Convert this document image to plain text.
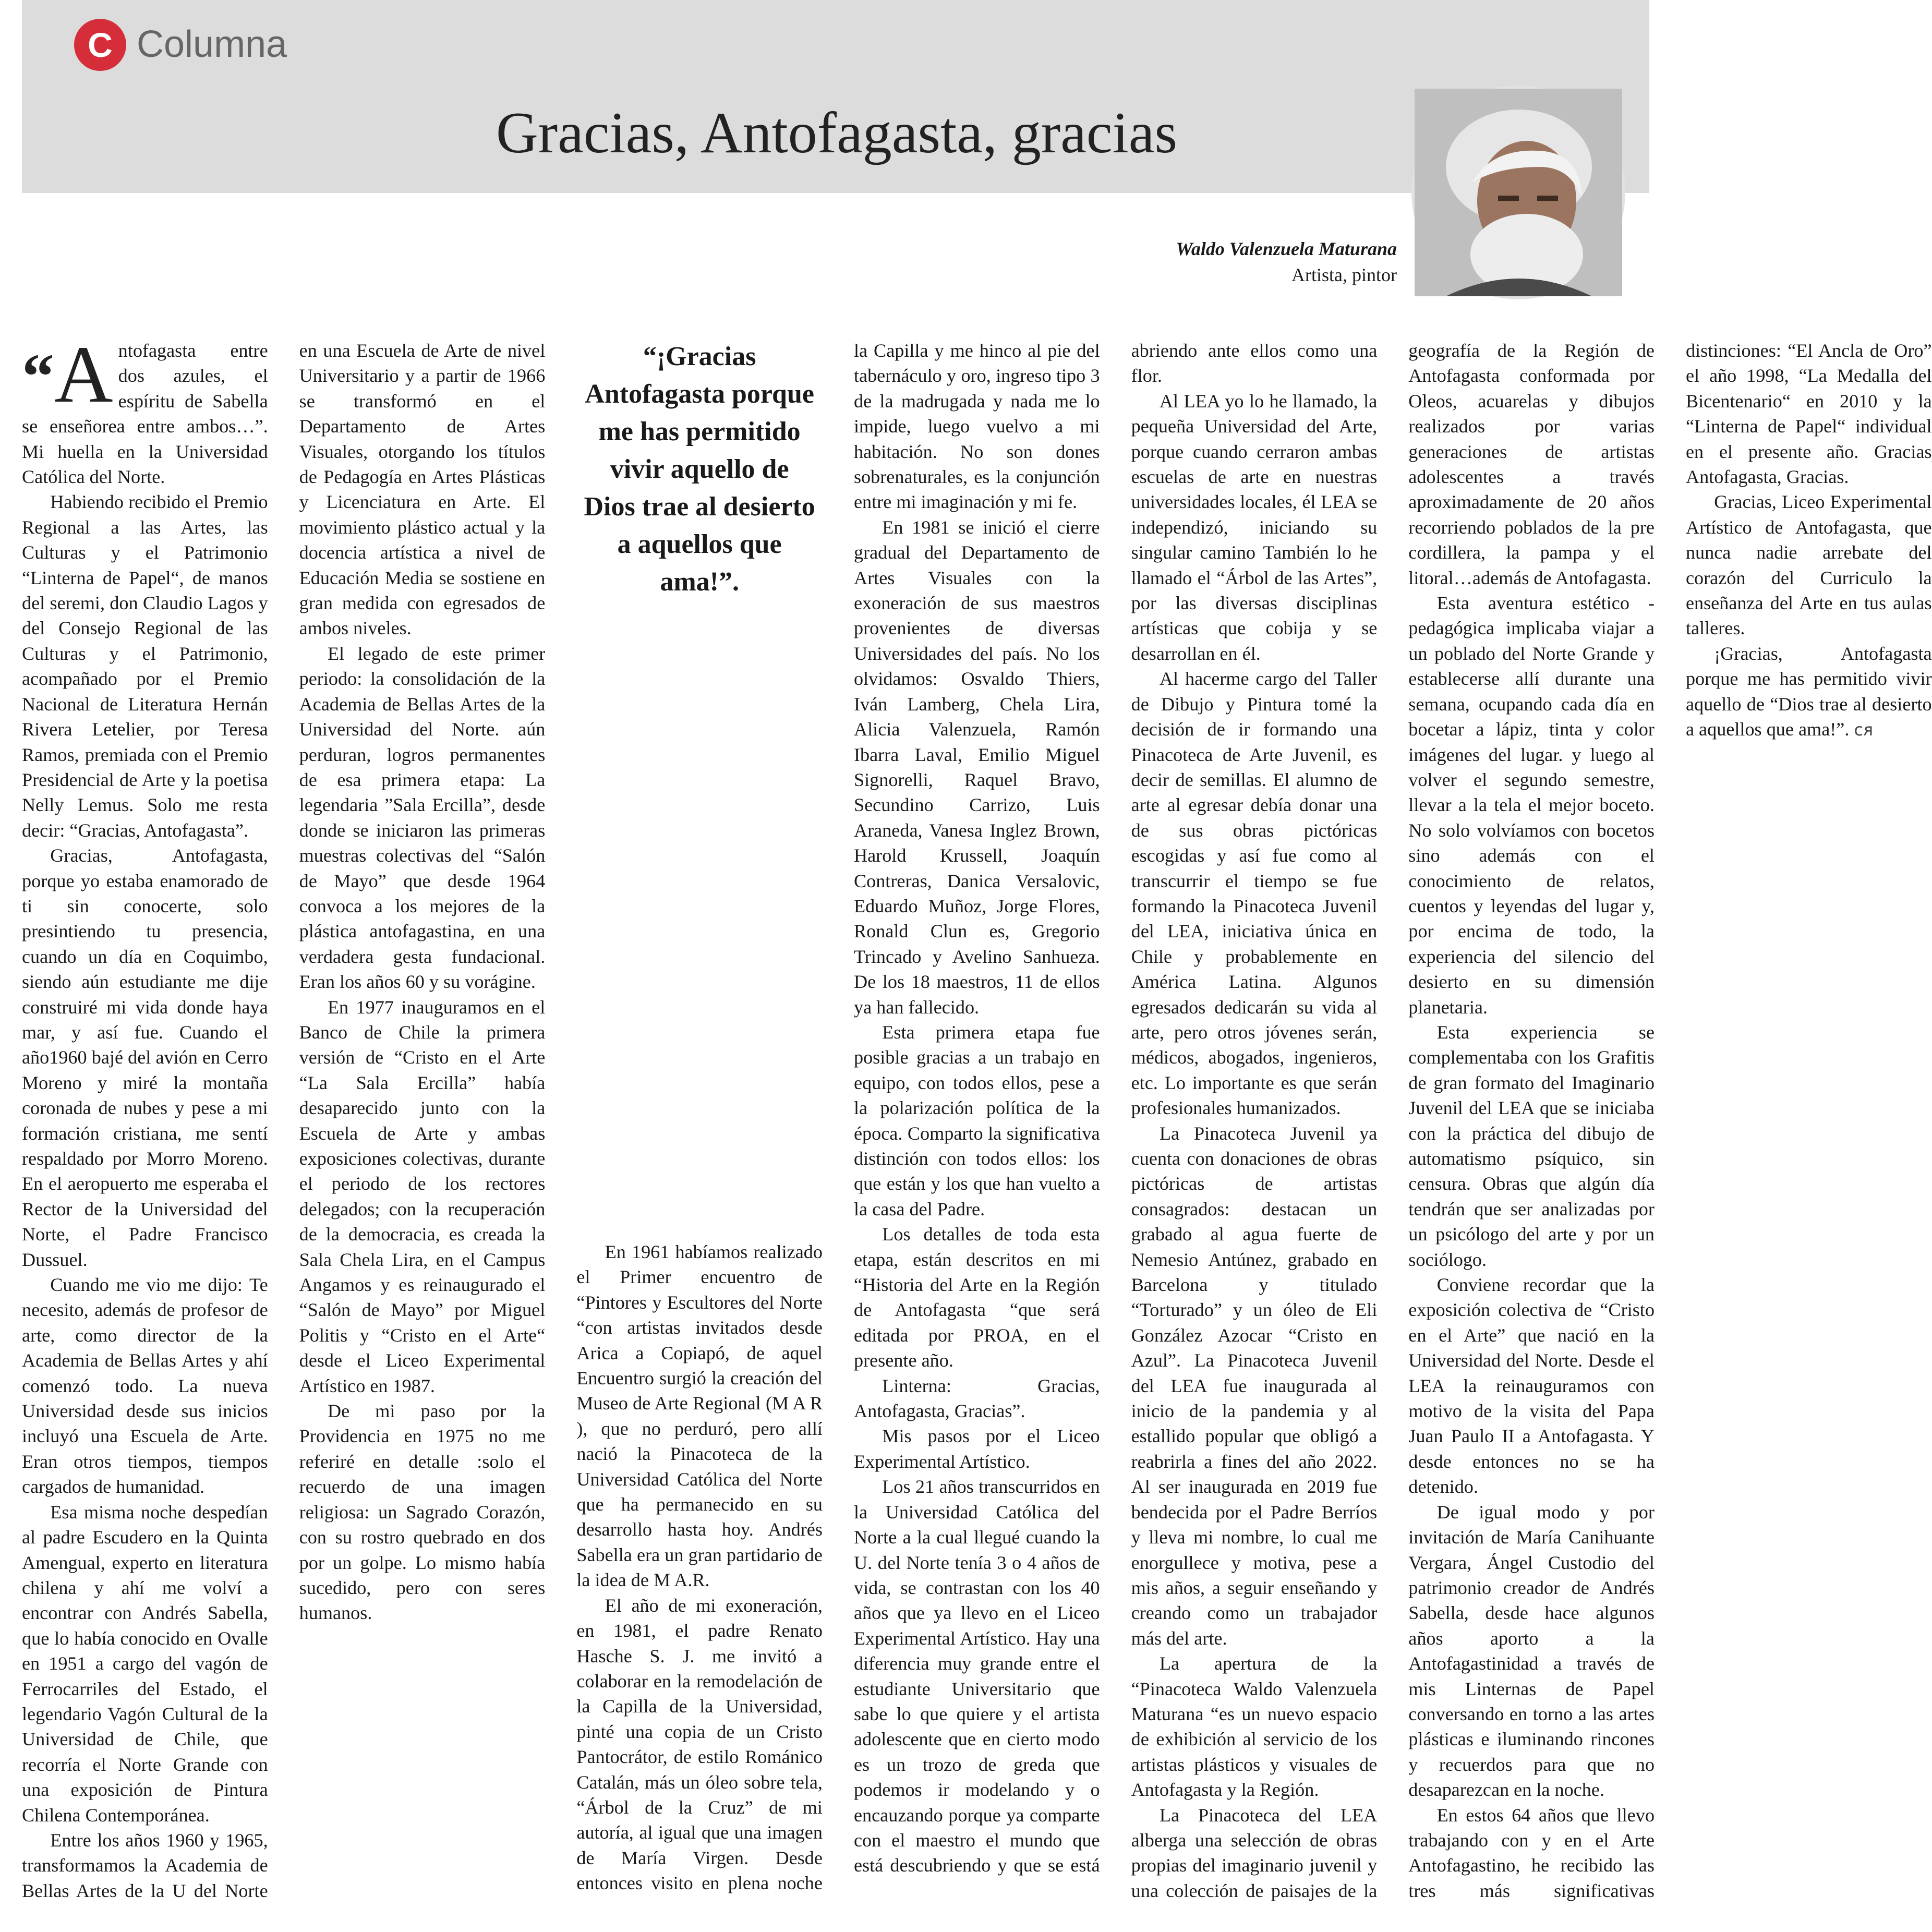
C Columna
Gracias, Antofagasta, gracias
Waldo Valenzuela Maturana
Artista, pintor

“ A ntofagasta entre dos azules, el espíritu de Sabella se enseñorea entre ambos…”. Mi huella en la Universidad Católica del Norte.

Habiendo recibido el Premio Regional a las Artes, las Culturas y el Patrimonio “Linterna de Papel“, de manos del seremi, don Claudio Lagos y del Consejo Regional de las Culturas y el Patrimonio, acompañado por el Premio Nacional de Literatura Hernán Rivera Letelier, por Teresa Ramos, premiada con el Premio Presidencial de Arte y la poetisa Nelly Lemus. Solo me resta decir: “Gracias, Antofagasta”.

Gracias, Antofagasta, porque yo estaba enamorado de ti sin conocerte, solo presintiendo tu presencia, cuando un día en Coquimbo, siendo aún estudiante me dije construiré mi vida donde haya mar, y así fue. Cuando el año1960 bajé del avión en Cerro Moreno y miré la montaña coronada de nubes y pese a mi formación cristiana, me sentí respaldado por Morro Moreno. En el aeropuerto me esperaba el Rector de la Universidad del Norte, el Padre Francisco Dussuel.

Cuando me vio me dijo: Te necesito, además de profesor de arte, como director de la Academia de Bellas Artes y ahí comenzó todo. La nueva Universidad desde sus inicios incluyó una Escuela de Arte. Eran otros tiempos, tiempos cargados de humanidad.

Esa misma noche despedían al padre Escudero en la Quinta Amengual, experto en literatura chilena y ahí me volví a encontrar con Andrés Sabella, que lo había conocido en Ovalle en 1951 a cargo del vagón de Ferrocarriles del Estado, el legendario Vagón Cultural de la Universidad de Chile, que recorría el Norte Grande con una exposición de Pintura Chilena Contemporánea.

Entre los años 1960 y 1965, transformamos la Academia de Bellas Artes de la U del Norte en una Escuela de Arte de nivel Universitario y a partir de 1966 se transformó en el Departamento de Artes Visuales, otorgando los títulos de Pedagogía en Artes Plásticas y Licenciatura en Arte. El movimiento plástico actual y la docencia artística a nivel de Educación Media se sostiene en gran medida con egresados de ambos niveles.

El legado de este primer periodo: la consolidación de la Academia de Bellas Artes de la Universidad del Norte. aún perduran, logros permanentes de esa primera etapa: La legendaria ”Sala Ercilla”, desde donde se iniciaron las primeras muestras colectivas del “Salón de Mayo” que desde 1964 convoca a los mejores de la plástica antofagastina, en una verdadera gesta fundacional. Eran los años 60 y su vorágine.

En 1977 inauguramos en el Banco de Chile la primera versión de “Cristo en el Arte “La Sala Ercilla” había desaparecido junto con la Escuela de Arte y ambas exposiciones colectivas, durante el periodo de los rectores delegados; con la recuperación de la democracia, es creada la Sala Chela Lira, en el Campus Angamos y es reinaugurado el “Salón de Mayo” por Miguel Politis y “Cristo en el Arte“ desde el Liceo Experimental Artístico en 1987.

De mi paso por la Providencia en 1975 no me referiré en detalle :solo el recuerdo de una imagen religiosa: un Sagrado Corazón, con su rostro quebrado en dos por un golpe. Lo mismo había sucedido, pero con seres humanos.

“¡Gracias Antofagasta porque me has permitido vivir aquello de Dios trae al desierto a aquellos que ama!”.

En 1961 habíamos realizado el Primer encuentro de “Pintores y Escultores del Norte “con artistas invitados desde Arica a Copiapó, de aquel Encuentro surgió la creación del Museo de Arte Regional (M A R ), que no perduró, pero allí nació la Pinacoteca de la Universidad Católica del Norte que ha permanecido en su desarrollo hasta hoy. Andrés Sabella era un gran partidario de la idea de M A.R.

El año de mi exoneración, en 1981, el padre Renato Hasche S. J. me invitó a colaborar en la remodelación de la Capilla de la Universidad, pinté una copia de un Cristo Pantocrátor, de estilo Románico Catalán, más un óleo sobre tela, “Árbol de la Cruz” de mi autoría, al igual que una imagen de María Virgen. Desde entonces visito en plena noche la Capilla y me hinco al pie del tabernáculo y oro, ingreso tipo 3 de la madrugada y nada me lo impide, luego vuelvo a mi habitación. No son dones sobrenaturales, es la conjunción entre mi imaginación y mi fe.

En 1981 se inició el cierre gradual del Departamento de Artes Visuales con la exoneración de sus maestros provenientes de diversas Universidades del país. No los olvidamos: Osvaldo Thiers, Iván Lamberg, Chela Lira, Alicia Valenzuela, Ramón Ibarra Laval, Emilio Miguel Signorelli, Raquel Bravo, Secundino Carrizo, Luis Araneda, Vanesa Inglez Brown, Harold Krussell, Joaquín Contreras, Danica Versalovic, Eduardo Muñoz, Jorge Flores, Ronald Clun es, Gregorio Trincado y Avelino Sanhueza. De los 18 maestros, 11 de ellos ya han fallecido.

Esta primera etapa fue posible gracias a un trabajo en equipo, con todos ellos, pese a la polarización política de la época. Comparto la significativa distinción con todos ellos: los que están y los que han vuelto a la casa del Padre.

Los detalles de toda esta etapa, están descritos en mi “Historia del Arte en la Región de Antofagasta “que será editada por PROA, en el presente año.

Linterna: Gracias, Antofagasta, Gracias”.

Mis pasos por el Liceo Experimental Artístico.

Los 21 años transcurridos en la Universidad Católica del Norte a la cual llegué cuando la U. del Norte tenía 3 o 4 años de vida, se contrastan con los 40 años que ya llevo en el Liceo Experimental Artístico. Hay una diferencia muy grande entre el estudiante Universitario que sabe lo que quiere y el artista adolescente que en cierto modo es un trozo de greda que podemos ir modelando y o encauzando porque ya comparte con el maestro el mundo que está descubriendo y que se está abriendo ante ellos como una flor.

Al LEA yo lo he llamado, la pequeña Universidad del Arte, porque cuando cerraron ambas escuelas de arte en nuestras universidades locales, él LEA se independizó, iniciando su singular camino También lo he llamado el “Árbol de las Artes”, por las diversas disciplinas artísticas que cobija y se desarrollan en él.

Al hacerme cargo del Taller de Dibujo y Pintura tomé la decisión de ir formando una Pinacoteca de Arte Juvenil, es decir de semillas. El alumno de arte al egresar debía donar una de sus obras pictóricas escogidas y así fue como al transcurrir el tiempo se fue formando la Pinacoteca Juvenil del LEA, iniciativa única en Chile y probablemente en América Latina. Algunos egresados dedicarán su vida al arte, pero otros jóvenes serán, médicos, abogados, ingenieros, etc. Lo importante es que serán profesionales humanizados.

La Pinacoteca Juvenil ya cuenta con donaciones de obras pictóricas de artistas consagrados: destacan un grabado al agua fuerte de Nemesio Antúnez, grabado en Barcelona y titulado “Torturado” y un óleo de Eli González Azocar “Cristo en Azul”. La Pinacoteca Juvenil del LEA fue inaugurada al inicio de la pandemia y al estallido popular que obligó a reabrirla a fines del año 2022. Al ser inaugurada en 2019 fue bendecida por el Padre Berríos y lleva mi nombre, lo cual me enorgullece y motiva, pese a mis años, a seguir enseñando y creando como un trabajador más del arte.

La apertura de la “Pinacoteca Waldo Valenzuela Maturana “es un nuevo espacio de exhibición al servicio de los artistas plásticos y visuales de Antofagasta y la Región.

La Pinacoteca del LEA alberga una selección de obras propias del imaginario juvenil y una colección de paisajes de la geografía de la Región de Antofagasta conformada por Oleos, acuarelas y dibujos realizados por varias generaciones de artistas adolescentes a través aproximadamente de 20 años recorriendo poblados de la pre cordillera, la pampa y el litoral…además de Antofagasta.

Esta aventura estético - pedagógica implicaba viajar a un poblado del Norte Grande y establecerse allí durante una semana, ocupando cada día en bocetar a lápiz, tinta y color imágenes del lugar. y luego al volver el segundo semestre, llevar a la tela el mejor boceto. No solo volvíamos con bocetos sino además con el conocimiento de relatos, cuentos y leyendas del lugar y, por encima de todo, la experiencia del silencio del desierto en su dimensión planetaria.

Esta experiencia se complementaba con los Grafitis de gran formato del Imaginario Juvenil del LEA que se iniciaba con la práctica del dibujo de automatismo psíquico, sin censura. Obras que algún día tendrán que ser analizadas por un psicólogo del arte y por un sociólogo.

Conviene recordar que la exposición colectiva de “Cristo en el Arte” que nació en la Universidad del Norte. Desde el LEA la reinauguramos con motivo de la visita del Papa Juan Paulo II a Antofagasta. Y desde entonces no se ha detenido.

De igual modo y por invitación de María Canihuante Vergara, Ángel Custodio del patrimonio creador de Andrés Sabella, desde hace algunos años aporto a la Antofagastinidad a través de mis Linternas de Papel conversando en torno a las artes plásticas e iluminando rincones y recuerdos para que no desaparezcan en la noche.

En estos 64 años que llevo trabajando con y en el Arte Antofagastino, he recibido las tres más significativas distinciones: “El Ancla de Oro” el año 1998, “La Medalla del Bicentenario“ en 2010 y la “Linterna de Papel“ individual en el presente año. Gracias Antofagasta, Gracias.

Gracias, Liceo Experimental Artístico de Antofagasta, que nunca nadie arrebate del corazón del Curriculo la enseñanza del Arte en tus aulas talleres.

¡Gracias, Antofagasta porque me has permitido vivir aquello de “Dios trae al desierto a aquellos que ama!”. ᴄᴙ
